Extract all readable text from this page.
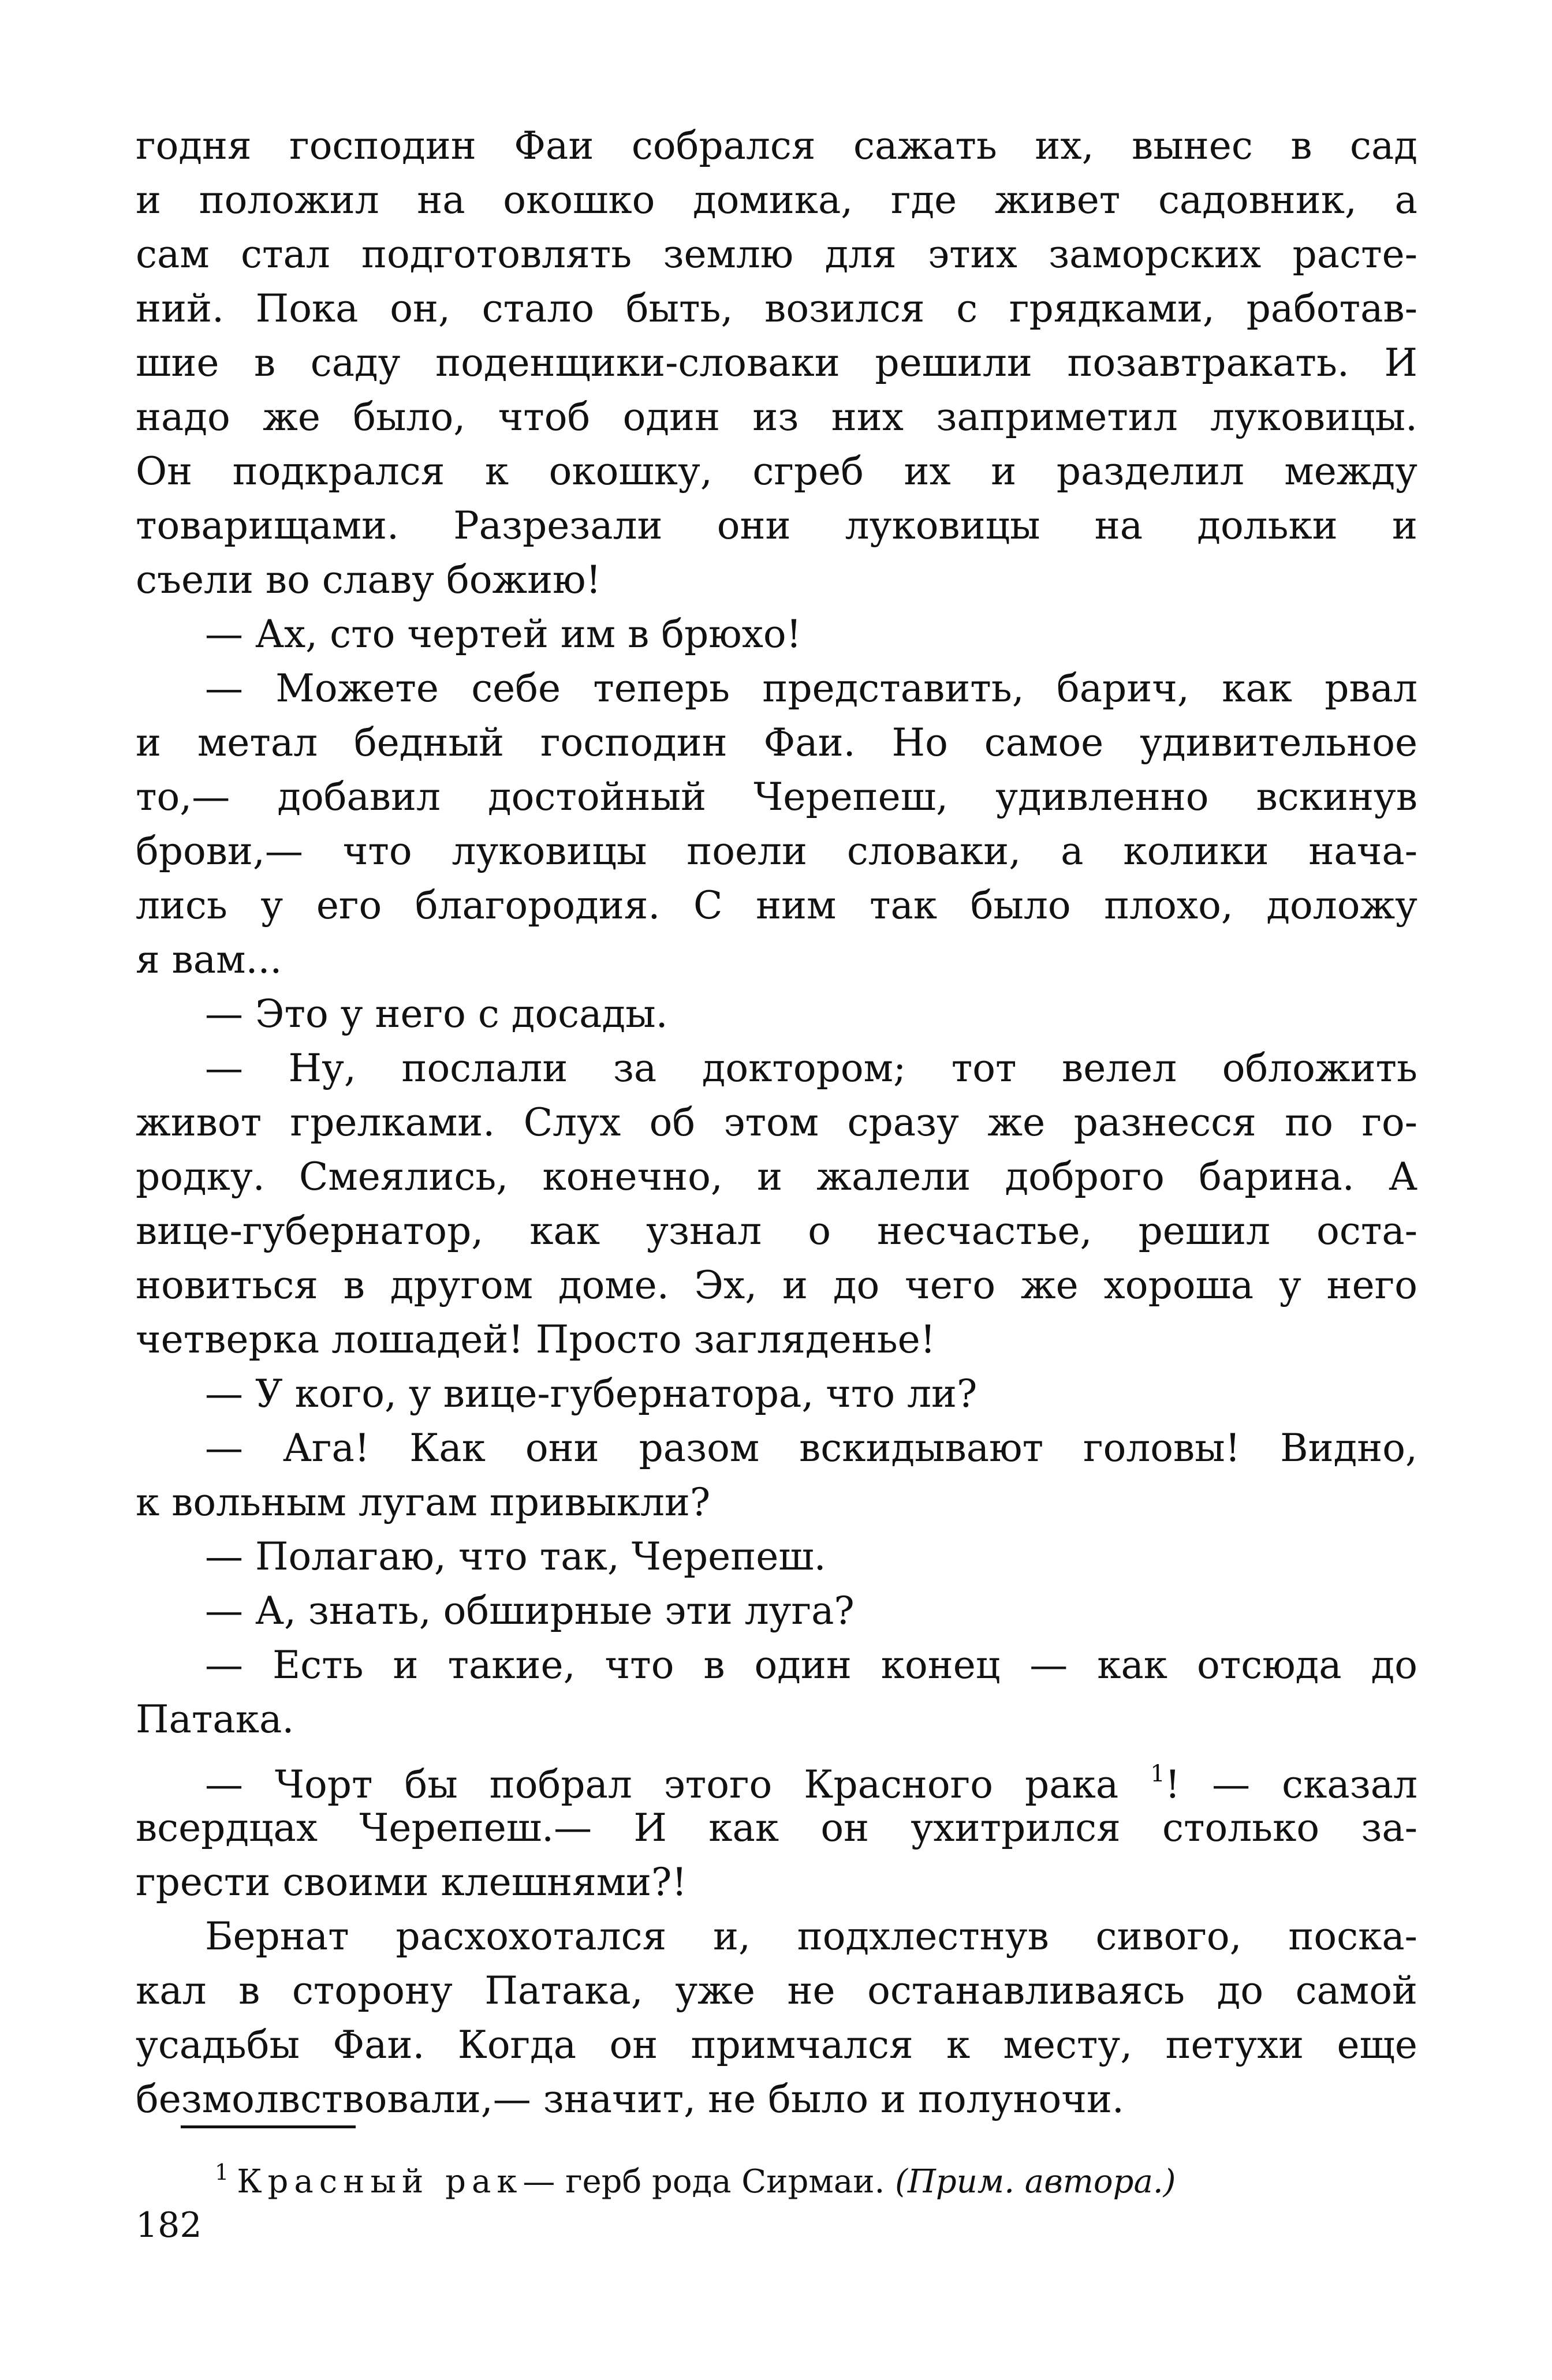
годня господин Фаи собрался сажать их, вынес в сад
и положил на окошко домика, где живет садовник, а
сам стал подготовлять землю для этих заморских расте-
ний. Пока он, стало быть, возился с грядками, работав-
шие в саду поденщики-словаки решили позавтракать. И
надо же было, чтоб один из них заприметил луковицы.
Он подкрался к окошку, сгреб их и разделил между
товарищами. Разрезали они луковицы на дольки и
съели во славу божию!
— Ах, сто чертей им в брюхо!
— Можете себе теперь представить, барич, как рвал
и метал бедный господин Фаи. Но самое удивительное
то,— добавил достойный Черепеш, удивленно вскинув
брови,— что луковицы поели словаки, а колики нача-
лись у его благородия. С ним так было плохо, доложу
я вам...
— Это у него с досады.
— Ну, послали за доктором; тот велел обложить
живот грелками. Слух об этом сразу же разнесся по го-
родку. Смеялись, конечно, и жалели доброго барина. А
вице-губернатор, как узнал о несчастье, решил оста-
новиться в другом доме. Эх, и до чего же хороша у него
четверка лошадей! Просто загляденье!
— У кого, у вице-губернатора, что ли?
— Ага! Как они разом вскидывают головы! Видно,
к вольным лугам привыкли?
— Полагаю, что так, Черепеш.
— А, знать, обширные эти луга?
— Есть и такие, что в один конец — как отсюда до
Патака.
— Чорт бы побрал этого Красного рака $^1$! — сказал
всердцах Черепеш.— И как он ухитрился столько за-
грести своими клешнями?!
Бернат расхохотался и, подхлестнув сивого, поска-
кал в сторону Патака, уже не останавливаясь до самой
усадьбы Фаи. Когда он примчался к месту, петухи еще
безмолвствовали,— значит, не было и полуночи.
$^1$ Красный рак— герб рода Сирмаи. (Прим. автора.)
182
